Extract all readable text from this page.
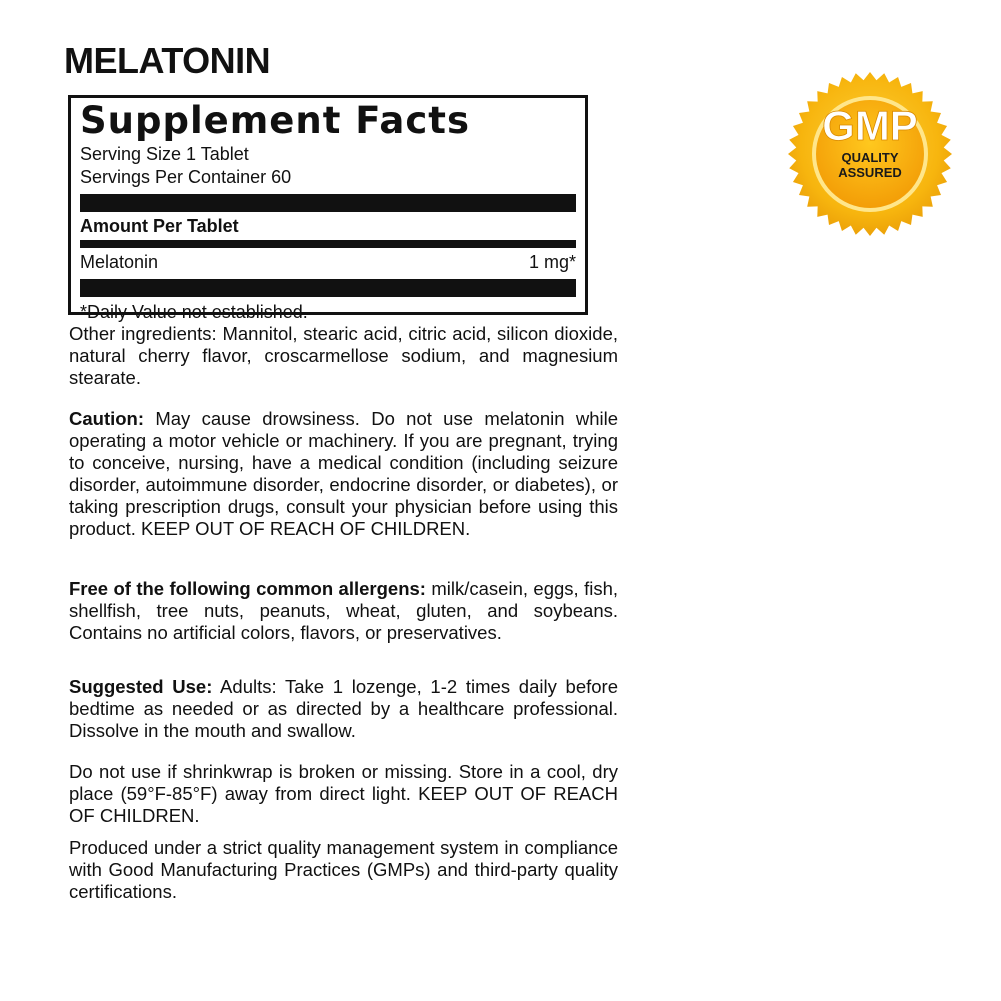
MELATONIN
Supplement Facts
Serving Size 1 Tablet
Servings Per Container 60
Amount Per Tablet
Melatonin	1 mg*
*Daily Value not established.

Other ingredients: Mannitol, stearic acid, citric acid, silicon dioxide, natural cherry flavor, croscarmellose sodium, and magnesium stearate.

Caution: May cause drowsiness. Do not use melatonin while operating a motor vehicle or machinery. If you are pregnant, trying to conceive, nursing, have a medical condition (including seizure disorder, autoimmune disorder, endocrine disorder, or diabetes), or taking prescription drugs, consult your physician before using this product. KEEP OUT OF REACH OF CHILDREN.

Free of the following common allergens: milk/casein, eggs, fish, shellfish, tree nuts, peanuts, wheat, gluten, and soybeans. Contains no artificial colors, flavors, or preservatives.

Suggested Use: Adults: Take 1 lozenge, 1-2 times daily before bedtime as needed or as directed by a healthcare professional. Dissolve in the mouth and swallow.

Do not use if shrinkwrap is broken or missing. Store in a cool, dry place (59°F-85°F) away from direct light. KEEP OUT OF REACH OF CHILDREN.

Produced under a strict quality management system in compliance with Good Manufacturing Practices (GMPs) and third-party quality certifications.

GMP
QUALITY
ASSURED
